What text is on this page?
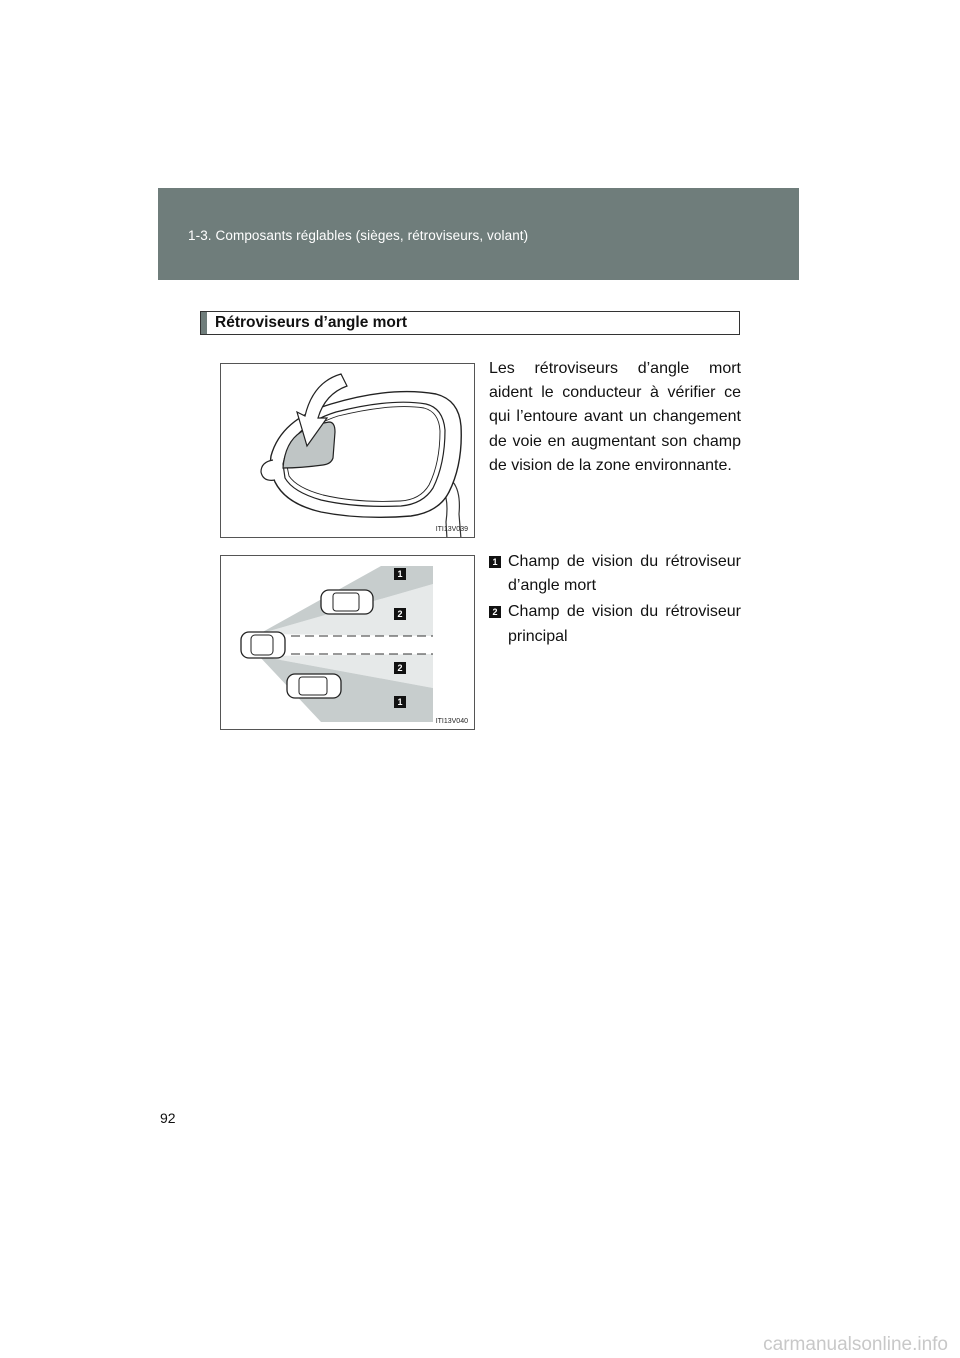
1-3. Composants réglables (sièges, rétroviseurs, volant)
Rétroviseurs d’angle mort
ITI13V039
1
2
2
1
ITI13V040
Les rétroviseurs d’angle mort aident le conducteur à vérifier ce qui l’entoure avant un changement de voie en augmentant son champ de vision de la zone environnante.
1 Champ de vision du rétroviseur d’angle mort
2 Champ de vision du rétroviseur principal
92
carmanualsonline.info
